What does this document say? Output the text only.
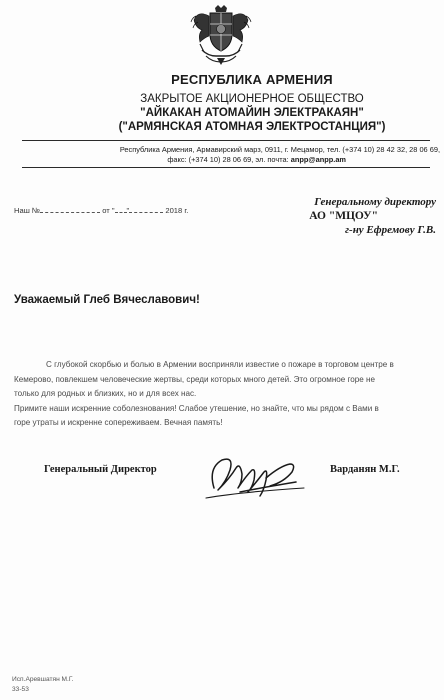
РЕСПУБЛИКА АРМЕНИЯ
ЗАКРЫТОЕ АКЦИОНЕРНОЕ ОБЩЕСТВО
"АЙКАКАН АТОМАЙИН ЭЛЕКТРАКАЯН"
("АРМЯНСКАЯ АТОМНАЯ ЭЛЕКТРОСТАНЦИЯ")
Республика Армения, Армавирский марз, 0911, г. Мецамор, тел. (+374 10) 28 42 32, 28 06 69,
факс: (+374 10) 28 06 69, эл. почта: anpp@anpp.am
Наш №	от " "	2018 г.
Генеральному директору
АО "МЦОУ"
г-ну Ефремову Г.В.
Уважаемый Глеб Вячеславович!

С глубокой скорбью и болью в Армении восприняли известие о пожаре в торговом центре в

Кемерово, повлекшем человеческие жертвы, среди которых много детей. Это огромное горе не

только для родных и близких, но и для всех нас.

Примите наши искренние соболезнования! Слабое утешение, но знайте, что мы рядом с Вами в

горе утраты и искренне сопереживаем. Вечная память!

Генеральный Директор	Варданян М.Г.
Исп.Аревшатян М.Г.
33-53
